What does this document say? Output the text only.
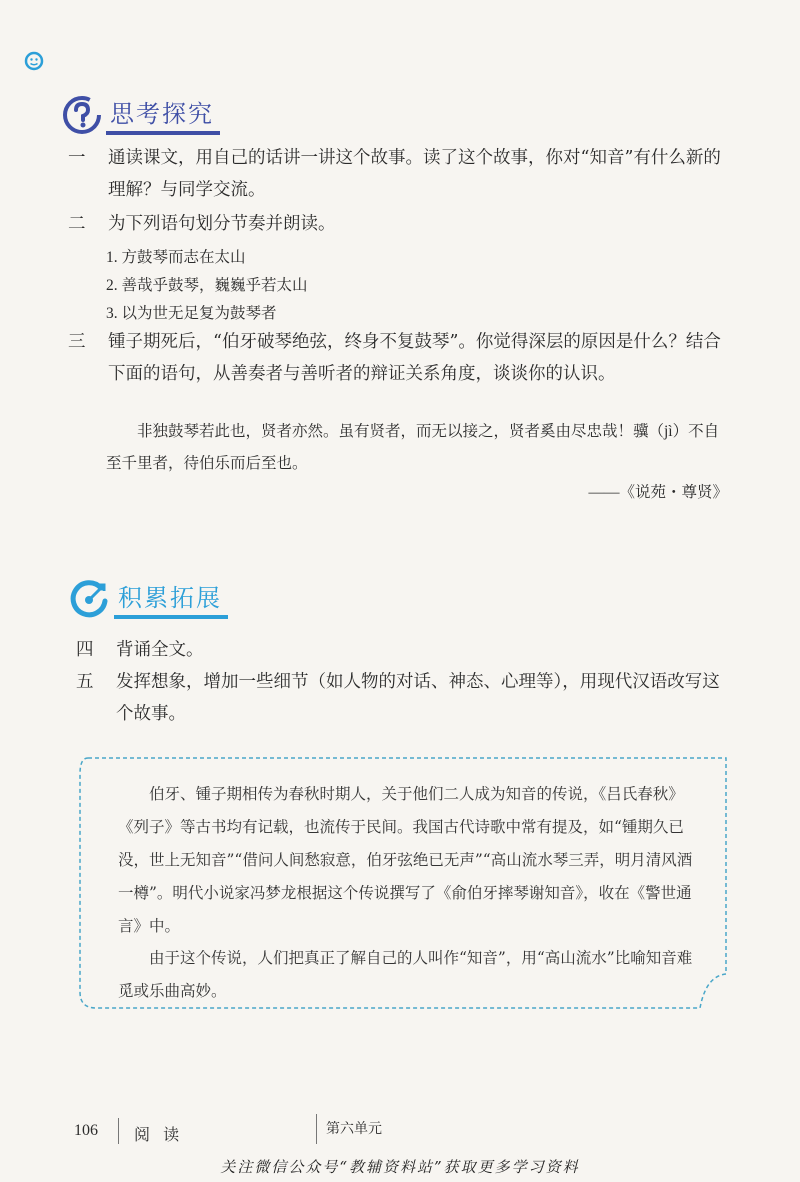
思考探究
一 通读课文，用自己的话讲一讲这个故事。读了这个故事，你对“知音”有什么新的理解？与同学交流。
二 为下列语句划分节奏并朗读。
1. 方鼓琴而志在太山
2. 善哉乎鼓琴，巍巍乎若太山
3. 以为世无足复为鼓琴者
三 锺子期死后，“伯牙破琴绝弦，终身不复鼓琴”。你觉得深层的原因是什么？结合下面的语句，从善奏者与善听者的辩证关系角度，谈谈你的认识。
非独鼓琴若此也，贤者亦然。虽有贤者，而无以接之，贤者奚由尽忠哉！骥（jì）不自至千里者，待伯乐而后至也。
——《说苑・尊贤》
积累拓展
四 背诵全文。
五 发挥想象，增加一些细节（如人物的对话、神态、心理等），用现代汉语改写这个故事。
伯牙、锺子期相传为春秋时期人，关于他们二人成为知音的传说，《吕氏春秋》《列子》等古书均有记载，也流传于民间。我国古代诗歌中常有提及，如“锺期久已没，世上无知音”“借问人间愁寂意，伯牙弦绝已无声”“高山流水琴三弄，明月清风酒一樽”。明代小说家冯梦龙根据这个传说撰写了《俞伯牙摔琴谢知音》，收在《警世通言》中。
由于这个传说，人们把真正了解自己的人叫作“知音”，用“高山流水”比喻知音难觅或乐曲高妙。
106 阅 读	第六单元
关注微信公众号“教辅资料站”获取更多学习资料
